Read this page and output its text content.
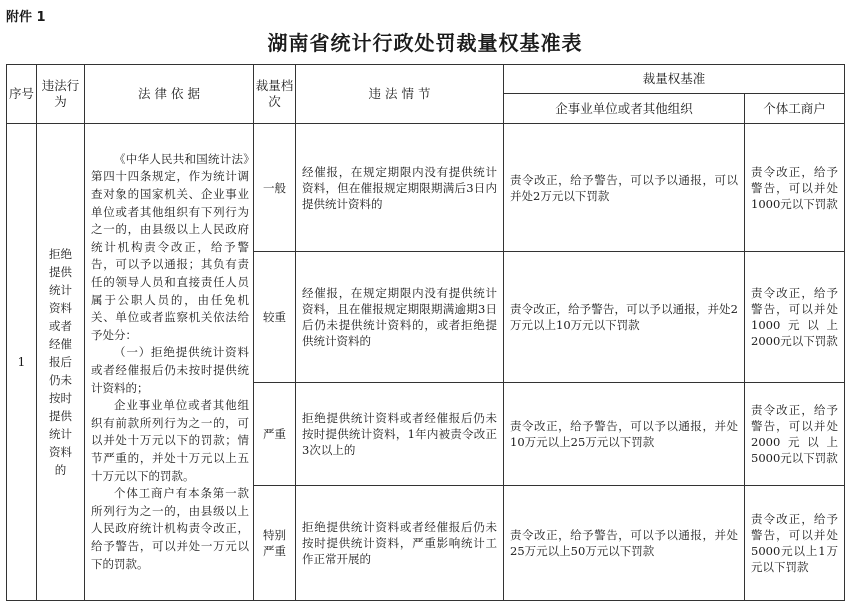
附件 1
湖南省统计行政处罚裁量权基准表
序号	违法行为	法 律 依 据	裁量档次	违 法 情 节	裁量权基准	
					企事业单位或者其他组织	个体工商户
1	拒绝提供统计资料或者经催报后仍未按时提供统计资料的	《中华人民共和国统计法》第四十四条规定，作为统计调查对象的国家机关、企业事业单位或者其他组织有下列行为之一的，由县级以上人民政府统计机构责令改正，给予警告，可以予以通报；其负有责任的领导人员和直接责任人员属于公职人员的，由任免机关、单位或者监察机关依法给予处分：

（一）拒绝提供统计资料或者经催报后仍未按时提供统计资料的；

企业事业单位或者其他组织有前款所列行为之一的，可以并处十万元以下的罚款；情节严重的，并处十万元以上五十万元以下的罚款。

个体工商户有本条第一款所列行为之一的，由县级以上人民政府统计机构责令改正，给予警告，可以并处一万元以下的罚款。	一般	经催报，在规定期限内没有提供统计资料，但在催报规定期限期满后3日内提供统计资料的	责令改正，给予警告，可以予以通报，可以并处2万元以下罚款	责令改正，给予警告，可以并处1000元以下罚款
			较重	经催报，在规定期限内没有提供统计资料，且在催报规定期限期满逾期3日后仍未提供统计资料的，或者拒绝提供统计资料的	责令改正，给予警告，可以予以通报，并处2万元以上10万元以下罚款	责令改正，给予警告，可以并处1000元以上2000元以下罚款
			严重	拒绝提供统计资料或者经催报后仍未按时提供统计资料，1年内被责令改正3次以上的	责令改正，给予警告，可以予以通报，并处10万元以上25万元以下罚款	责令改正，给予警告，可以并处2000元以上5000元以下罚款
			特别严重	拒绝提供统计资料或者经催报后仍未按时提供统计资料，严重影响统计工作正常开展的	责令改正，给予警告，可以予以通报，并处25万元以上50万元以下罚款	责令改正，给予警告，可以并处5000元以上1万元以下罚款
